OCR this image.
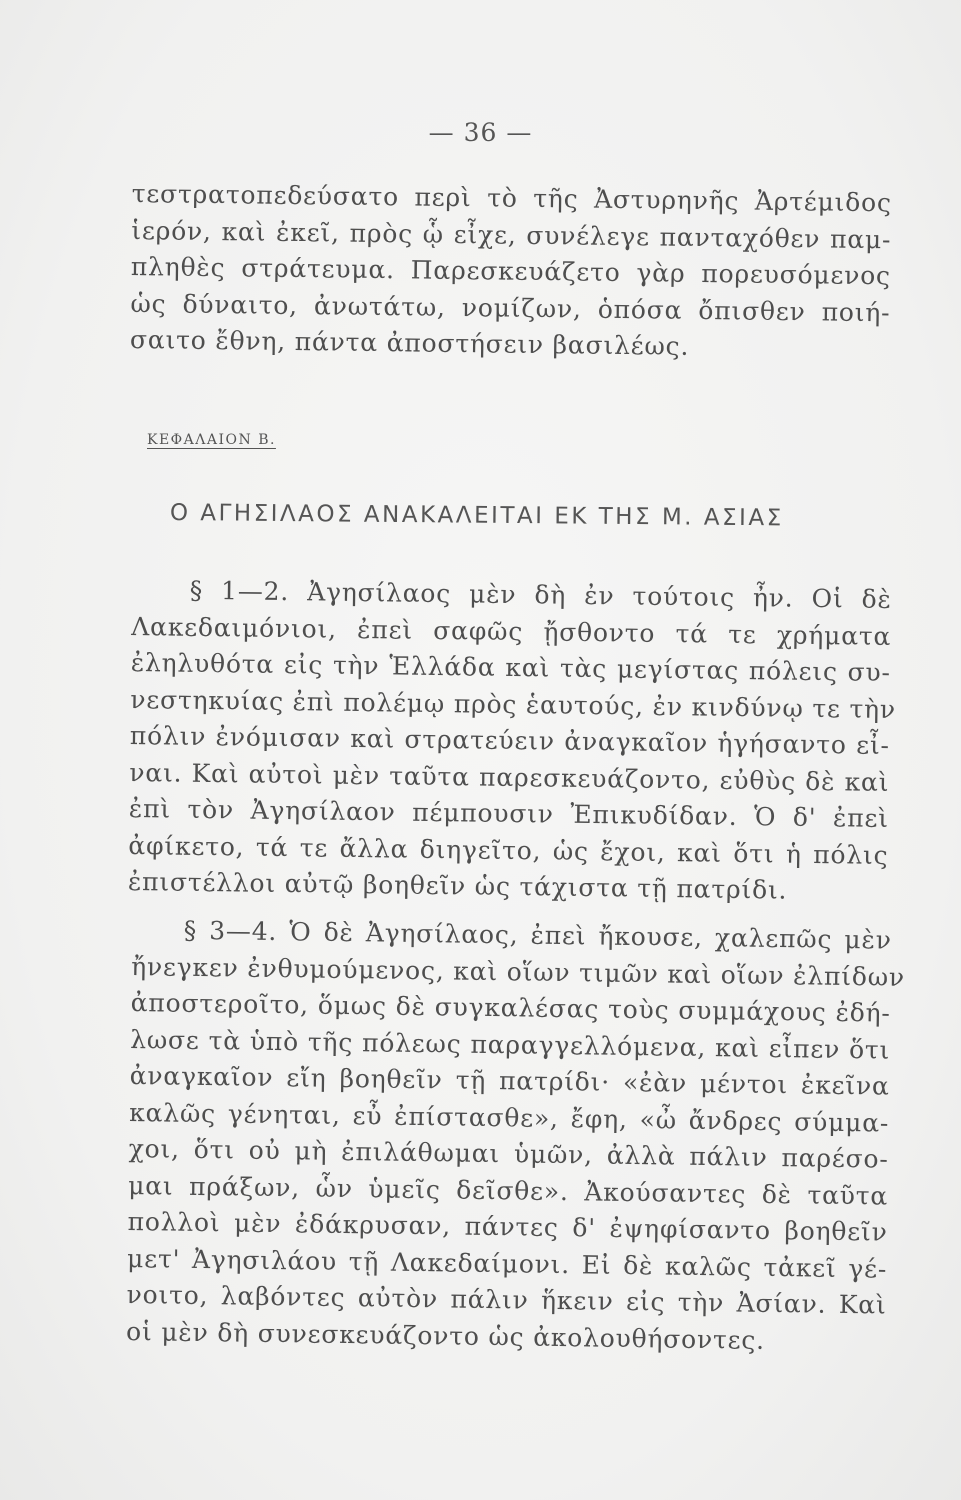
— 36 —
τεστρατοπεδεύσατο περὶ τὸ τῆς Ἀστυρηνῆς Ἀρτέμιδος
ἱερόν, καὶ ἐκεῖ, πρὸς ᾧ εἶχε, συνέλεγε πανταχόθεν παμ-
πληθὲς στράτευμα. Παρεσκευάζετο γὰρ πορευσόμενος
ὡς δύναιτο, ἀνωτάτω, νομίζων, ὁπόσα ὄπισθεν ποιή-
σαιτο ἔθνη, πάντα ἀποστήσειν βασιλέως.
ΚΕΦΑΛΑΙΟΝ Β.
Ο ΑΓΗΣΙΛΑΟΣ ΑΝΑΚΑΛΕΙΤΑΙ ΕΚ ΤΗΣ Μ. ΑΣΙΑΣ
§ 1—2. Ἀγησίλαος μὲν δὴ ἐν τούτοις ἦν. Οἱ δὲ
Λακεδαιμόνιοι, ἐπεὶ σαφῶς ᾔσθοντο τά τε χρήματα
ἐληλυθότα εἰς τὴν Ἑλλάδα καὶ τὰς μεγίστας πόλεις συ-
νεστηκυίας ἐπὶ πολέμῳ πρὸς ἑαυτούς, ἐν κινδύνῳ τε τὴν
πόλιν ἐνόμισαν καὶ στρατεύειν ἀναγκαῖον ἡγήσαντο εἶ-
ναι. Καὶ αὐτοὶ μὲν ταῦτα παρεσκευάζοντο, εὐθὺς δὲ καὶ
ἐπὶ τὸν Ἀγησίλαον πέμπουσιν Ἐπικυδίδαν. Ὁ δ' ἐπεὶ
ἀφίκετο, τά τε ἄλλα διηγεῖτο, ὡς ἔχοι, καὶ ὅτι ἡ πόλις
ἐπιστέλλοι αὐτῷ βοηθεῖν ὡς τάχιστα τῇ πατρίδι.
§ 3—4. Ὁ δὲ Ἀγησίλαος, ἐπεὶ ἤκουσε, χαλεπῶς μὲν
ἤνεγκεν ἐνθυμούμενος, καὶ οἵων τιμῶν καὶ οἵων ἐλπίδων
ἀποστεροῖτο, ὅμως δὲ συγκαλέσας τοὺς συμμάχους ἐδή-
λωσε τὰ ὑπὸ τῆς πόλεως παραγγελλόμενα, καὶ εἶπεν ὅτι
ἀναγκαῖον εἴη βοηθεῖν τῇ πατρίδι· «ἐὰν μέντοι ἐκεῖνα
καλῶς γένηται, εὖ ἐπίστασθε», ἔφη, «ὦ ἄνδρες σύμμα-
χοι, ὅτι οὐ μὴ ἐπιλάθωμαι ὑμῶν, ἀλλὰ πάλιν παρέσο-
μαι πράξων, ὧν ὑμεῖς δεῖσθε». Ἀκούσαντες δὲ ταῦτα
πολλοὶ μὲν ἐδάκρυσαν, πάντες δ' ἐψηφίσαντο βοηθεῖν
μετ' Ἀγησιλάου τῇ Λακεδαίμονι. Εἰ δὲ καλῶς τἀκεῖ γέ-
νοιτο, λαβόντες αὐτὸν πάλιν ἥκειν εἰς τὴν Ἀσίαν. Καὶ
οἱ μὲν δὴ συνεσκευάζοντο ὡς ἀκολουθήσοντες.
